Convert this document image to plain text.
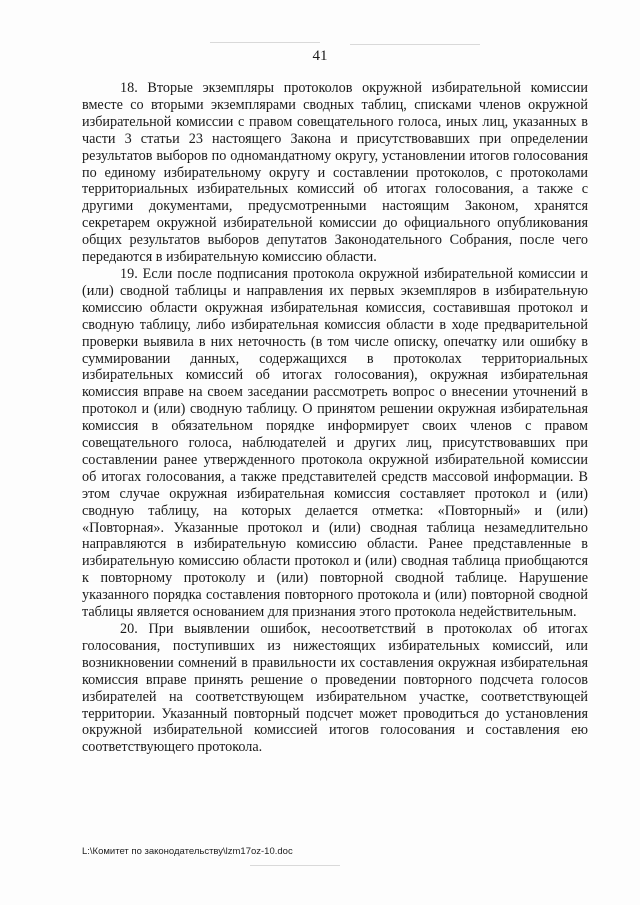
41

18. Вторые экземпляры протоколов окружной избирательной комиссии вместе со вторыми экземплярами сводных таблиц, списками членов окружной избирательной комиссии с правом совещательного голоса, иных лиц, указанных в части 3 статьи 23 настоящего Закона и присутствовавших при определении результатов выборов по одномандатному округу, установлении итогов голосования по единому избирательному округу и составлении протоколов, с протоколами территориальных избирательных комиссий об итогах голосования, а также с другими документами, предусмотренными настоящим Законом, хранятся секретарем окружной избирательной комиссии до официального опубликования общих результатов выборов депутатов Законодательного Собрания, после чего передаются в избирательную комиссию области.

19. Если после подписания протокола окружной избирательной комиссии и (или) сводной таблицы и направления их первых экземпляров в избирательную комиссию области окружная избирательная комиссия, составившая протокол и сводную таблицу, либо избирательная комиссия области в ходе предварительной проверки выявила в них неточность (в том числе описку, опечатку или ошибку в суммировании данных, содержащихся в протоколах территориальных избирательных комиссий об итогах голосования), окружная избирательная комиссия вправе на своем заседании рассмотреть вопрос о внесении уточнений в протокол и (или) сводную таблицу. О принятом решении окружная избирательная комиссия в обязательном порядке информирует своих членов с правом совещательного голоса, наблюдателей и других лиц, присутствовавших при составлении ранее утвержденного протокола окружной избирательной комиссии об итогах голосования, а также представителей средств массовой информации. В этом случае окружная избирательная комиссия составляет протокол и (или) сводную таблицу, на которых делается отметка: «Повторный» и (или) «Повторная». Указанные протокол и (или) сводная таблица незамедлительно направляются в избирательную комиссию области. Ранее представленные в избирательную комиссию области протокол и (или) сводная таблица приобщаются к повторному протоколу и (или) повторной сводной таблице. Нарушение указанного порядка составления повторного протокола и (или) повторной сводной таблицы является основанием для признания этого протокола недействительным.

20. При выявлении ошибок, несоответствий в протоколах об итогах голосования, поступивших из нижестоящих избирательных комиссий, или возникновении сомнений в правильности их составления окружная избирательная комиссия вправе принять решение о проведении повторного подсчета голосов избирателей на соответствующем избирательном участке, соответствующей территории. Указанный повторный подсчет может проводиться до установления окружной избирательной комиссией итогов голосования и составления ею соответствующего протокола.

L:\Комитет по законодательству\lzm17oz-10.doc
